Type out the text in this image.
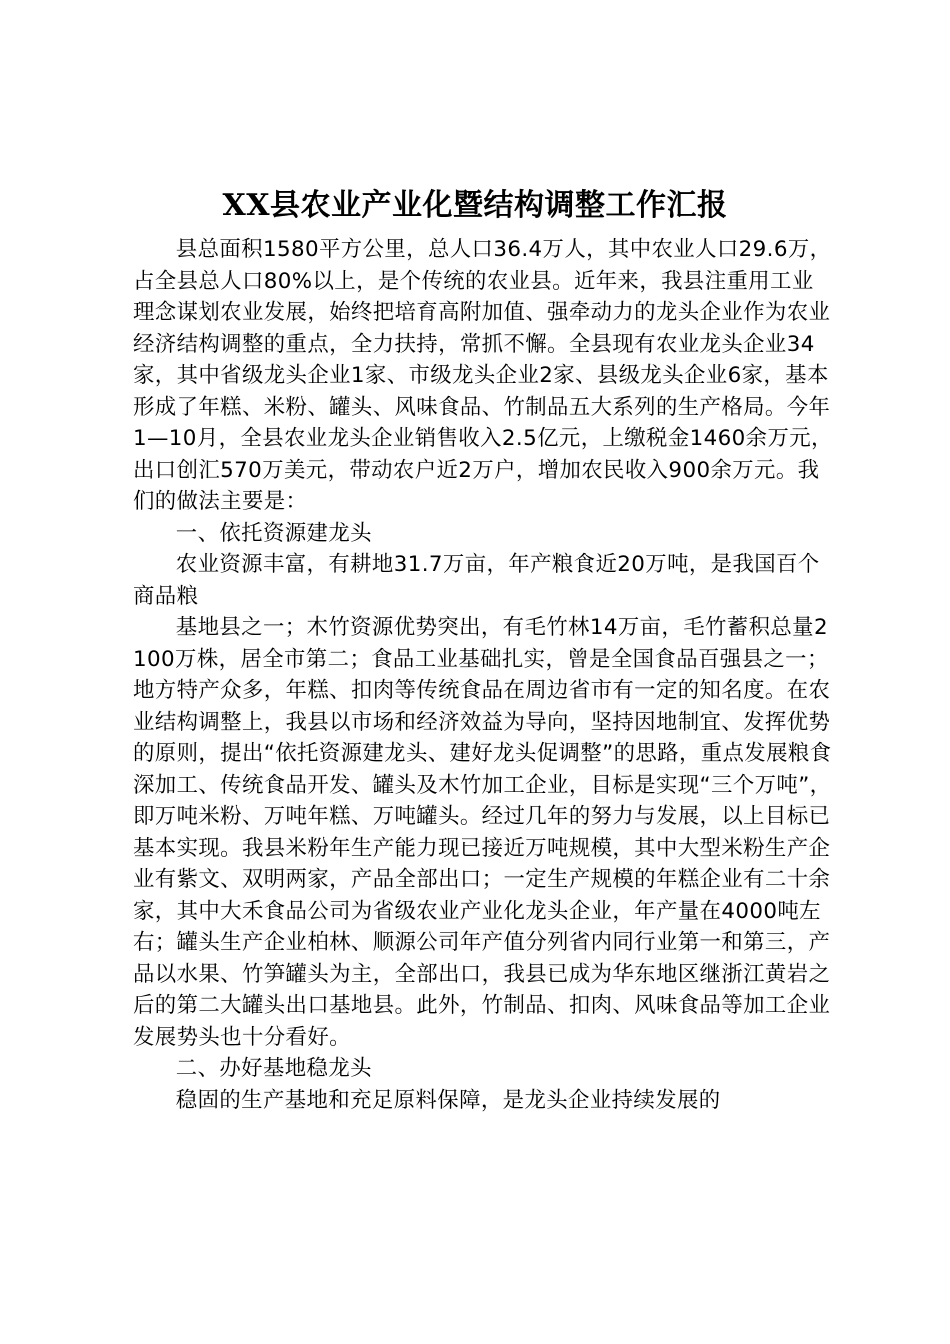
XX县农业产业化暨结构调整工作汇报

县总面积1580平方公里，总人口36.4万人，其中农业人口29.6万，占全县总人口80%以上，是个传统的农业县。近年来，我县注重用工业理念谋划农业发展，始终把培育高附加值、强牵动力的龙头企业作为农业经济结构调整的重点，全力扶持，常抓不懈。全县现有农业龙头企业34家，其中省级龙头企业1家、市级龙头企业2家、县级龙头企业6家，基本形成了年糕、米粉、罐头、风味食品、竹制品五大系列的生产格局。今年1—10月，全县农业龙头企业销售收入2.5亿元，上缴税金1460余万元，出口创汇570万美元，带动农户近2万户，增加农民收入900余万元。我们的做法主要是：

一、依托资源建龙头

农业资源丰富，有耕地31.7万亩，年产粮食近20万吨，是我国百个商品粮

基地县之一；木竹资源优势突出，有毛竹林14万亩，毛竹蓄积总量2100万株，居全市第二；食品工业基础扎实，曾是全国食品百强县之一；地方特产众多，年糕、扣肉等传统食品在周边省市有一定的知名度。在农业结构调整上，我县以市场和经济效益为导向，坚持因地制宜、发挥优势的原则，提出“依托资源建龙头、建好龙头促调整”的思路，重点发展粮食深加工、传统食品开发、罐头及木竹加工企业，目标是实现“三个万吨”，即万吨米粉、万吨年糕、万吨罐头。经过几年的努力与发展，以上目标已基本实现。我县米粉年生产能力现已接近万吨规模，其中大型米粉生产企业有紫文、双明两家，产品全部出口；一定生产规模的年糕企业有二十余家，其中大禾食品公司为省级农业产业化龙头企业，年产量在4000吨左右；罐头生产企业柏林、顺源公司年产值分列省内同行业第一和第三，产品以水果、竹笋罐头为主，全部出口，我县已成为华东地区继浙江黄岩之后的第二大罐头出口基地县。此外，竹制品、扣肉、风味食品等加工企业发展势头也十分看好。

二、办好基地稳龙头

稳固的生产基地和充足原料保障，是龙头企业持续发展的
